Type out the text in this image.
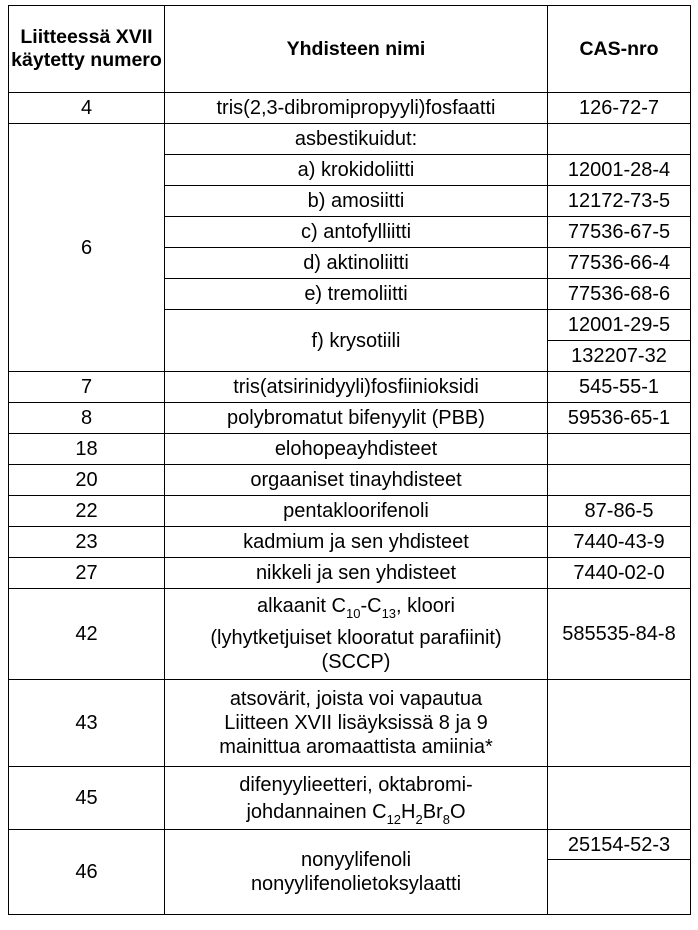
Liitteessä XVII käytetty numero	Yhdisteen nimi	CAS-nro
4	tris(2,3-dibromipropyyli)fosfaatti	126-72-7
6	asbestikuidut:	
	a) krokidoliitti	12001-28-4
	b) amosiitti	12172-73-5
	c) antofylliitti	77536-67-5
	d) aktinoliitti	77536-66-4
	e) tremoliitti	77536-68-6
	f) krysotiili	12001-29-5
		132207-32
7	tris(atsirinidyyli)fosfiinioksidi	545-55-1
8	polybromatut bifenyylit (PBB)	59536-65-1
18	elohopeayhdisteet	
20	orgaaniset tinayhdisteet	
22	pentakloorifenoli	87-86-5
23	kadmium ja sen yhdisteet	7440-43-9
27	nikkeli ja sen yhdisteet	7440-02-0
42	alkaanit $C_{10}-C_{13}$, kloori
(lyhytketjuiset klooratut parafiinit)
(SCCP)	585535-84-8
43	atsovärit, joista voi vapautua
Liitteen XVII lisäyksissä 8 ja 9
mainittua aromaattista amiinia*	

45	difenyylieetteri, oktabromi-
johdannainen $C_{12}H_2Br_8O$	

46	nonyylifenoli
nonyylifenolietoksylaatti	25154-52-3
